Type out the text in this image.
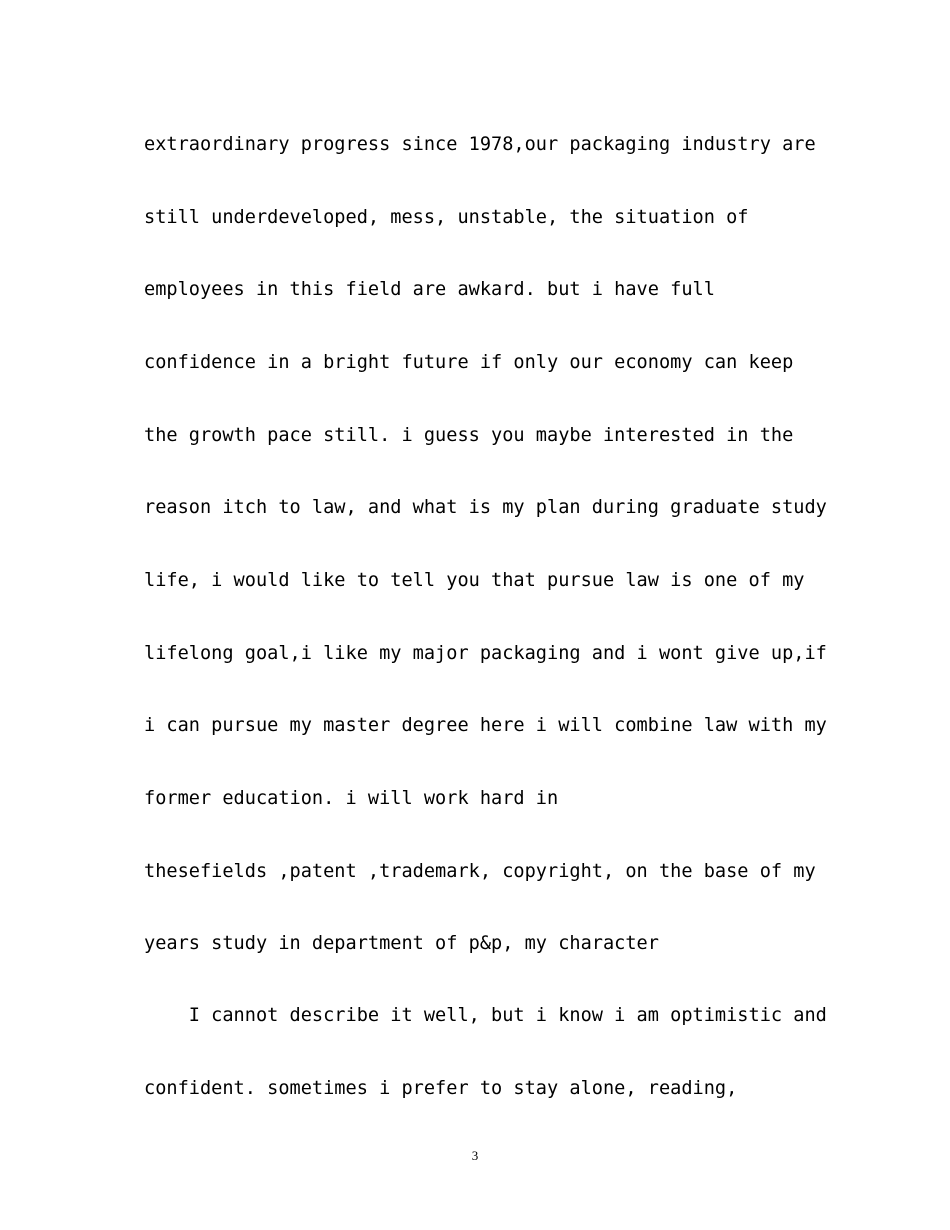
extraordinary progress since 1978,our packaging industry are

still underdeveloped, mess, unstable, the situation of

employees in this field are awkard. but i have full

confidence in a bright future if only our economy can keep

the growth pace still. i guess you maybe interested in the

reason itch to law, and what is my plan during graduate study

life, i would like to tell you that pursue law is one of my

lifelong goal,i like my major packaging and i wont give up,if

i can pursue my master degree here i will combine law with my

former education. i will work hard in

thesefields ,patent ,trademark, copyright, on the base of my

years study in department of p&p, my character

I cannot describe it well, but i know i am optimistic and

confident. sometimes i prefer to stay alone, reading,

3
